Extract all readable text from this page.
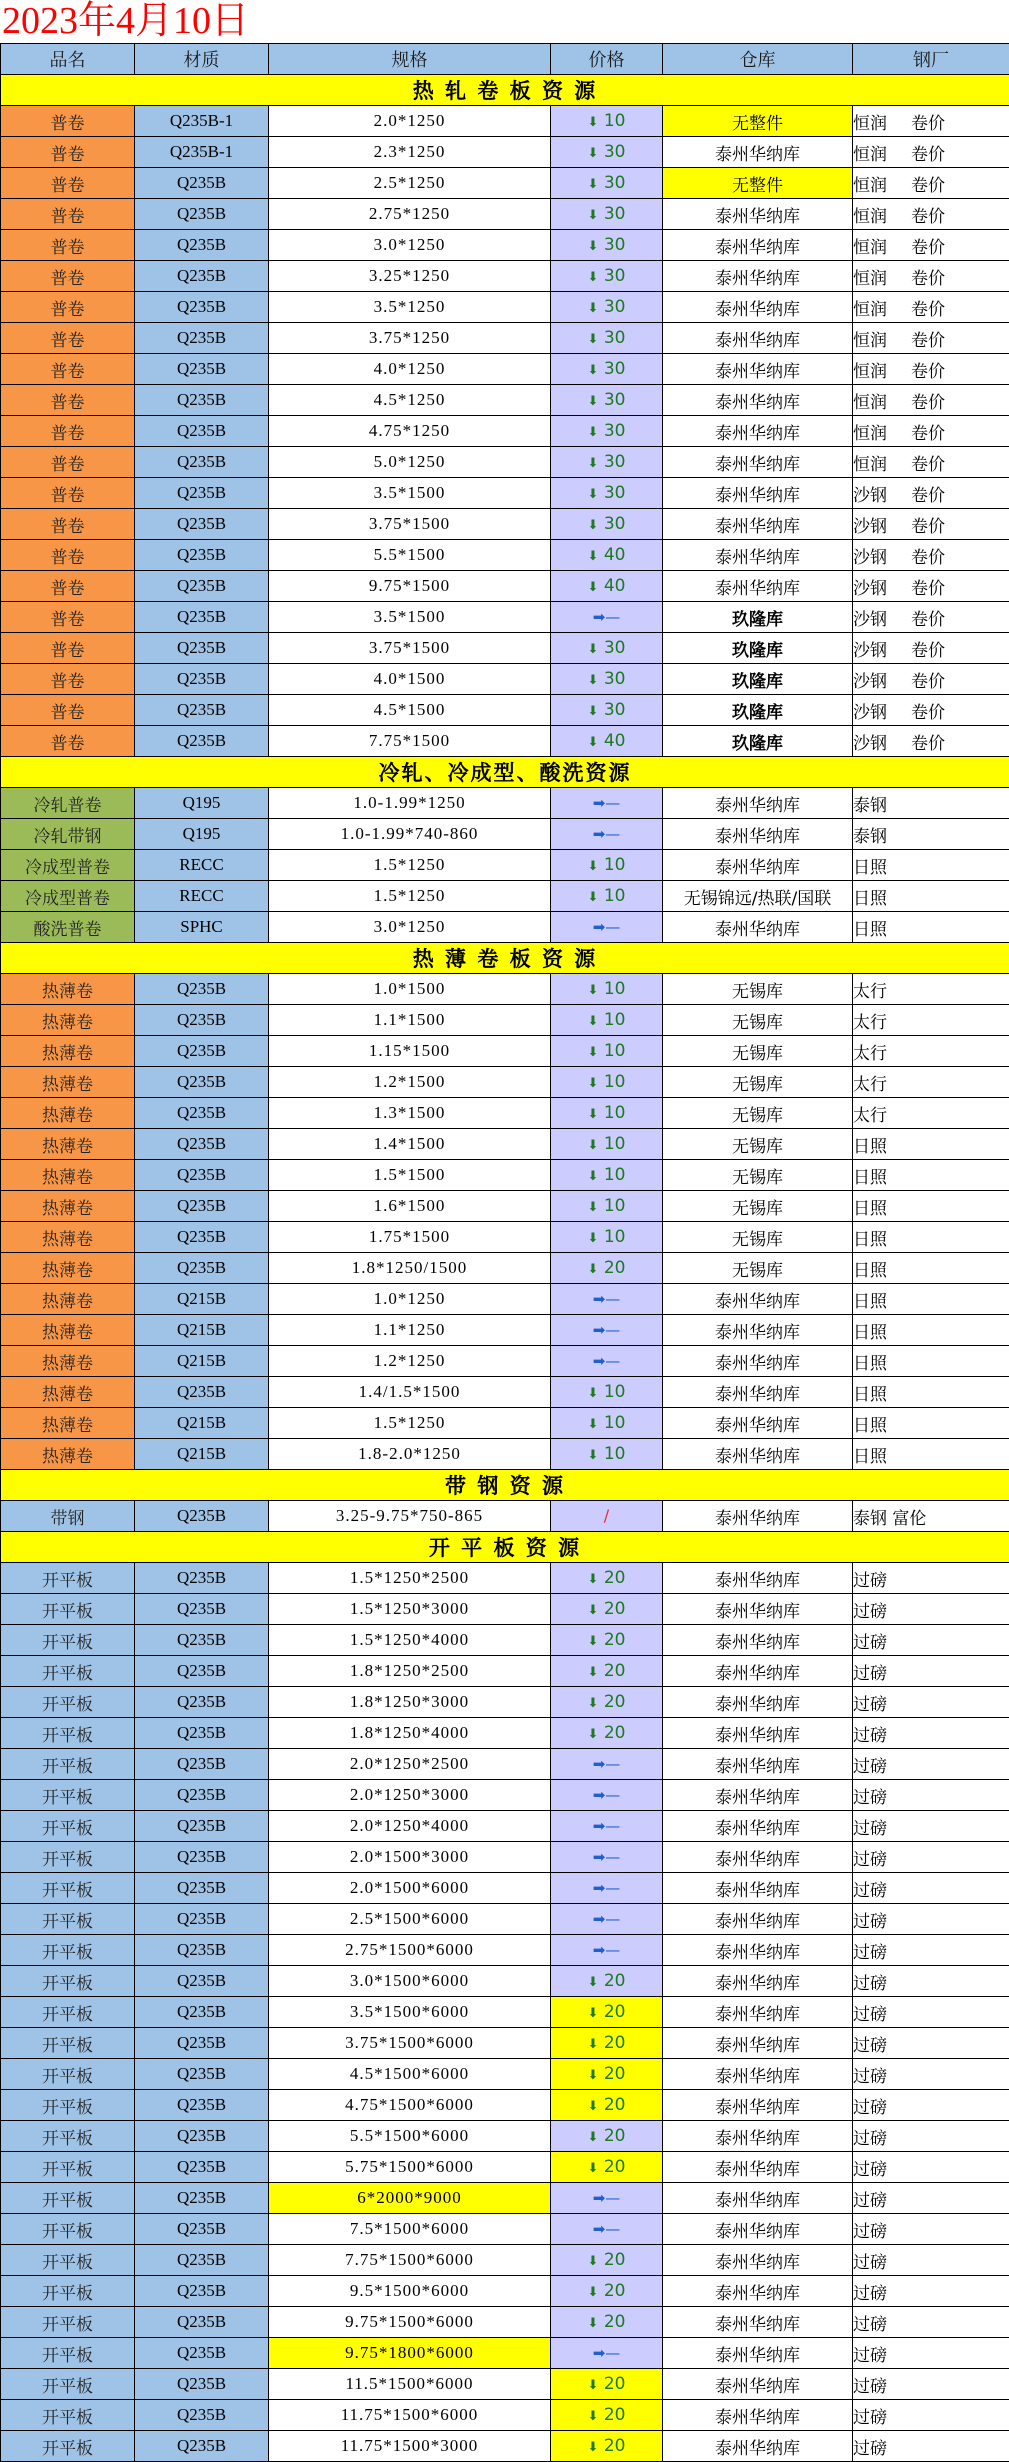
2023年4月10日
品名	材质	规格	价格	仓库	钢厂
热 轧 卷 板 资 源					
普卷	Q235B-1	2.0*1250	⬇ 10	无整件	恒润 卷价
普卷	Q235B-1	2.3*1250	⬇ 30	泰州华纳库	恒润 卷价
普卷	Q235B	2.5*1250	⬇ 30	无整件	恒润 卷价
普卷	Q235B	2.75*1250	⬇ 30	泰州华纳库	恒润 卷价
普卷	Q235B	3.0*1250	⬇ 30	泰州华纳库	恒润 卷价
普卷	Q235B	3.25*1250	⬇ 30	泰州华纳库	恒润 卷价
普卷	Q235B	3.5*1250	⬇ 30	泰州华纳库	恒润 卷价
普卷	Q235B	3.75*1250	⬇ 30	泰州华纳库	恒润 卷价
普卷	Q235B	4.0*1250	⬇ 30	泰州华纳库	恒润 卷价
普卷	Q235B	4.5*1250	⬇ 30	泰州华纳库	恒润 卷价
普卷	Q235B	4.75*1250	⬇ 30	泰州华纳库	恒润 卷价
普卷	Q235B	5.0*1250	⬇ 30	泰州华纳库	恒润 卷价
普卷	Q235B	3.5*1500	⬇ 30	泰州华纳库	沙钢 卷价
普卷	Q235B	3.75*1500	⬇ 30	泰州华纳库	沙钢 卷价
普卷	Q235B	5.5*1500	⬇ 40	泰州华纳库	沙钢 卷价
普卷	Q235B	9.75*1500	⬇ 40	泰州华纳库	沙钢 卷价
普卷	Q235B	3.5*1500	➡—	玖隆库	沙钢 卷价
普卷	Q235B	3.75*1500	⬇ 30	玖隆库	沙钢 卷价
普卷	Q235B	4.0*1500	⬇ 30	玖隆库	沙钢 卷价
普卷	Q235B	4.5*1500	⬇ 30	玖隆库	沙钢 卷价
普卷	Q235B	7.75*1500	⬇ 40	玖隆库	沙钢 卷价
冷轧、冷成型、酸洗资源					
冷轧普卷	Q195	1.0-1.99*1250	➡—	泰州华纳库	泰钢
冷轧带钢	Q195	1.0-1.99*740-860	➡—	泰州华纳库	泰钢
冷成型普卷	RECC	1.5*1250	⬇ 10	泰州华纳库	日照
冷成型普卷	RECC	1.5*1250	⬇ 10	无锡锦远/热联/国联	日照
酸洗普卷	SPHC	3.0*1250	➡—	泰州华纳库	日照
热 薄 卷 板 资 源					
热薄卷	Q235B	1.0*1500	⬇ 10	无锡库	太行
热薄卷	Q235B	1.1*1500	⬇ 10	无锡库	太行
热薄卷	Q235B	1.15*1500	⬇ 10	无锡库	太行
热薄卷	Q235B	1.2*1500	⬇ 10	无锡库	太行
热薄卷	Q235B	1.3*1500	⬇ 10	无锡库	太行
热薄卷	Q235B	1.4*1500	⬇ 10	无锡库	日照
热薄卷	Q235B	1.5*1500	⬇ 10	无锡库	日照
热薄卷	Q235B	1.6*1500	⬇ 10	无锡库	日照
热薄卷	Q235B	1.75*1500	⬇ 10	无锡库	日照
热薄卷	Q235B	1.8*1250/1500	⬇ 20	无锡库	日照
热薄卷	Q215B	1.0*1250	➡—	泰州华纳库	日照
热薄卷	Q215B	1.1*1250	➡—	泰州华纳库	日照
热薄卷	Q215B	1.2*1250	➡—	泰州华纳库	日照
热薄卷	Q235B	1.4/1.5*1500	⬇ 10	泰州华纳库	日照
热薄卷	Q215B	1.5*1250	⬇ 10	泰州华纳库	日照
热薄卷	Q215B	1.8-2.0*1250	⬇ 10	泰州华纳库	日照
带 钢 资 源					
带钢	Q235B	3.25-9.75*750-865	/	泰州华纳库	泰钢 富伦
开 平 板 资 源					
开平板	Q235B	1.5*1250*2500	⬇ 20	泰州华纳库	过磅
开平板	Q235B	1.5*1250*3000	⬇ 20	泰州华纳库	过磅
开平板	Q235B	1.5*1250*4000	⬇ 20	泰州华纳库	过磅
开平板	Q235B	1.8*1250*2500	⬇ 20	泰州华纳库	过磅
开平板	Q235B	1.8*1250*3000	⬇ 20	泰州华纳库	过磅
开平板	Q235B	1.8*1250*4000	⬇ 20	泰州华纳库	过磅
开平板	Q235B	2.0*1250*2500	➡—	泰州华纳库	过磅
开平板	Q235B	2.0*1250*3000	➡—	泰州华纳库	过磅
开平板	Q235B	2.0*1250*4000	➡—	泰州华纳库	过磅
开平板	Q235B	2.0*1500*3000	➡—	泰州华纳库	过磅
开平板	Q235B	2.0*1500*6000	➡—	泰州华纳库	过磅
开平板	Q235B	2.5*1500*6000	➡—	泰州华纳库	过磅
开平板	Q235B	2.75*1500*6000	➡—	泰州华纳库	过磅
开平板	Q235B	3.0*1500*6000	⬇ 20	泰州华纳库	过磅
开平板	Q235B	3.5*1500*6000	⬇ 20	泰州华纳库	过磅
开平板	Q235B	3.75*1500*6000	⬇ 20	泰州华纳库	过磅
开平板	Q235B	4.5*1500*6000	⬇ 20	泰州华纳库	过磅
开平板	Q235B	4.75*1500*6000	⬇ 20	泰州华纳库	过磅
开平板	Q235B	5.5*1500*6000	⬇ 20	泰州华纳库	过磅
开平板	Q235B	5.75*1500*6000	⬇ 20	泰州华纳库	过磅
开平板	Q235B	6*2000*9000	➡—	泰州华纳库	过磅
开平板	Q235B	7.5*1500*6000	➡—	泰州华纳库	过磅
开平板	Q235B	7.75*1500*6000	⬇ 20	泰州华纳库	过磅
开平板	Q235B	9.5*1500*6000	⬇ 20	泰州华纳库	过磅
开平板	Q235B	9.75*1500*6000	⬇ 20	泰州华纳库	过磅
开平板	Q235B	9.75*1800*6000	➡—	泰州华纳库	过磅
开平板	Q235B	11.5*1500*6000	⬇ 20	泰州华纳库	过磅
开平板	Q235B	11.75*1500*6000	⬇ 20	泰州华纳库	过磅
开平板	Q235B	11.75*1500*3000	⬇ 20	泰州华纳库	过磅
